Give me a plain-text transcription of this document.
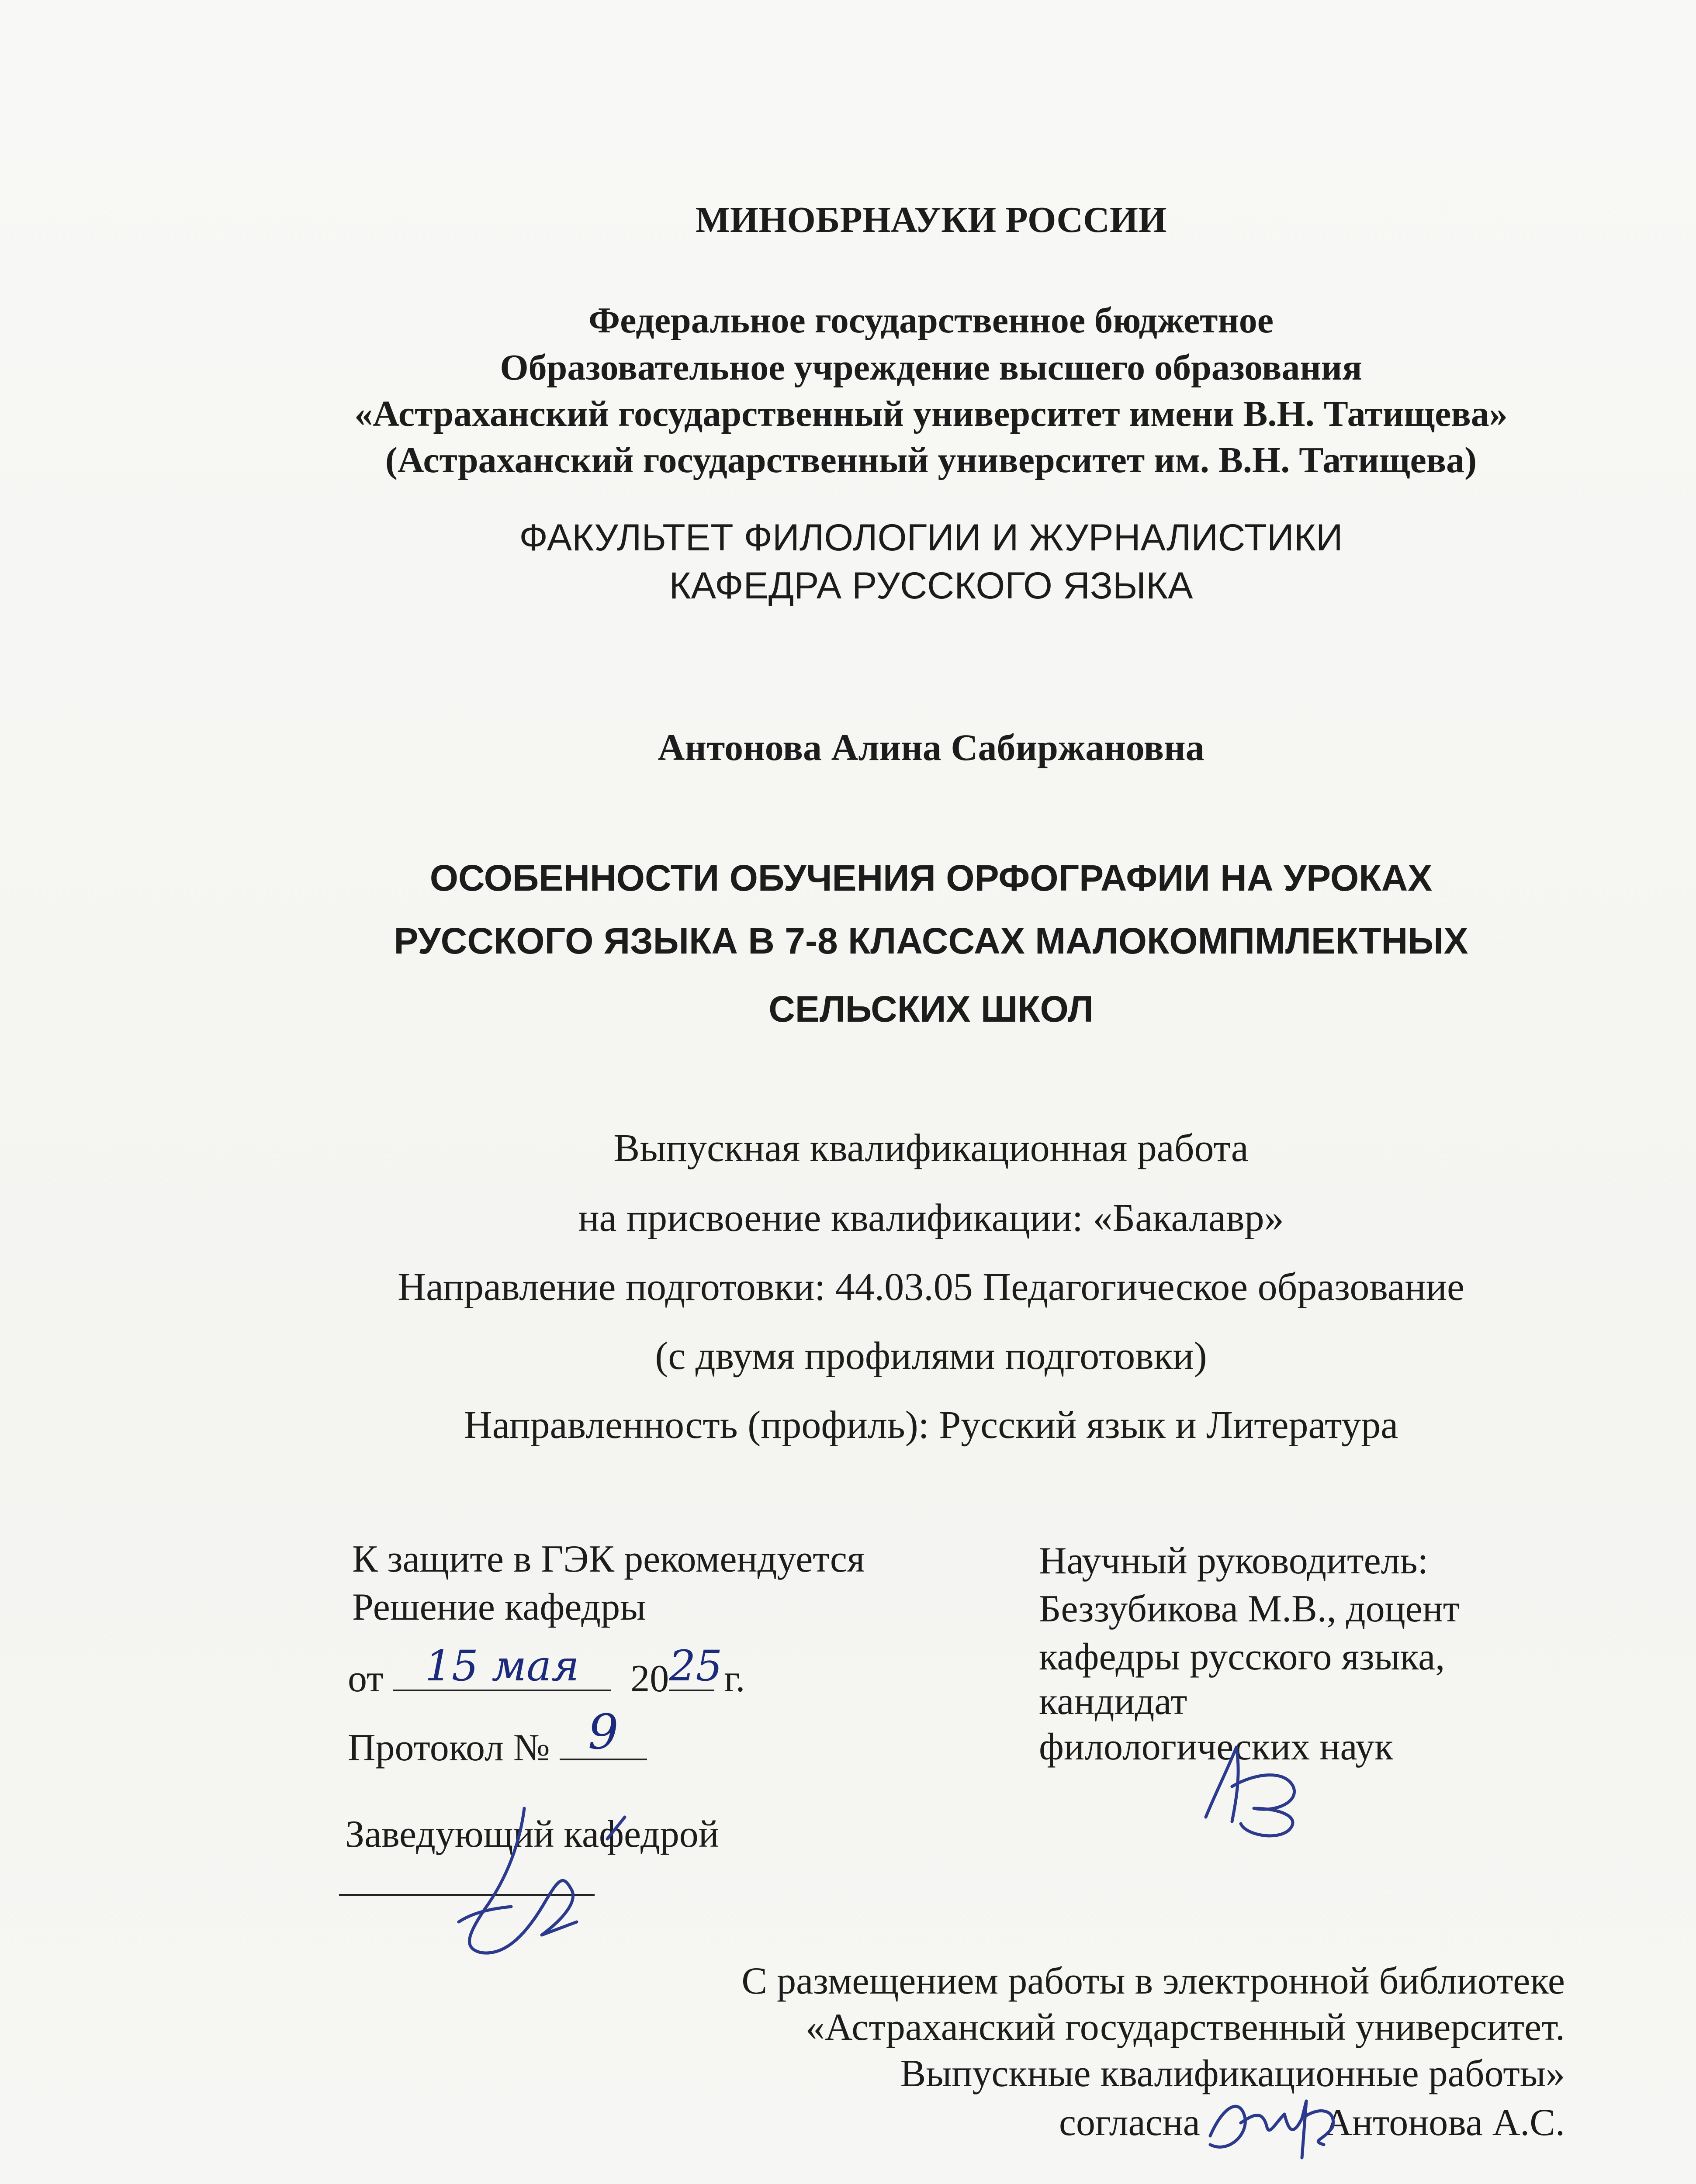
МИНОБРНАУКИ РОССИИ
Федеральное государственное бюджетное
Образовательное учреждение высшего образования
«Астраханский государственный университет имени В.Н. Татищева»
(Астраханский государственный университет им. В.Н. Татищева)
ФАКУЛЬТЕТ ФИЛОЛОГИИ И ЖУРНАЛИСТИКИ
КАФЕДРА РУССКОГО ЯЗЫКА
Антонова Алина Сабиржановна
ОСОБЕННОСТИ ОБУЧЕНИЯ ОРФОГРАФИИ НА УРОКАХ
РУССКОГО ЯЗЫКА В 7-8 КЛАССАХ МАЛОКОМПМЛЕКТНЫХ
СЕЛЬСКИХ ШКОЛ
Выпускная квалификационная работа
на присвоение квалификации: «Бакалавр»
Направление подготовки: 44.03.05 Педагогическое образование
(с двумя профилями подготовки)
Направленность (профиль): Русский язык и Литература
К защите в ГЭК рекомендуется
Решение кафедры
от 15 мая	20 25 г.
Протокол № 9
Заведующий кафедрой
Научный руководитель:
Беззубикова М.В., доцент
кафедры русского языка,
кандидат
филологических наук
С размещением работы в электронной библиотеке
«Астраханский государственный университет.
Выпускные квалификационные работы»
согласна	Антонова А.С.
